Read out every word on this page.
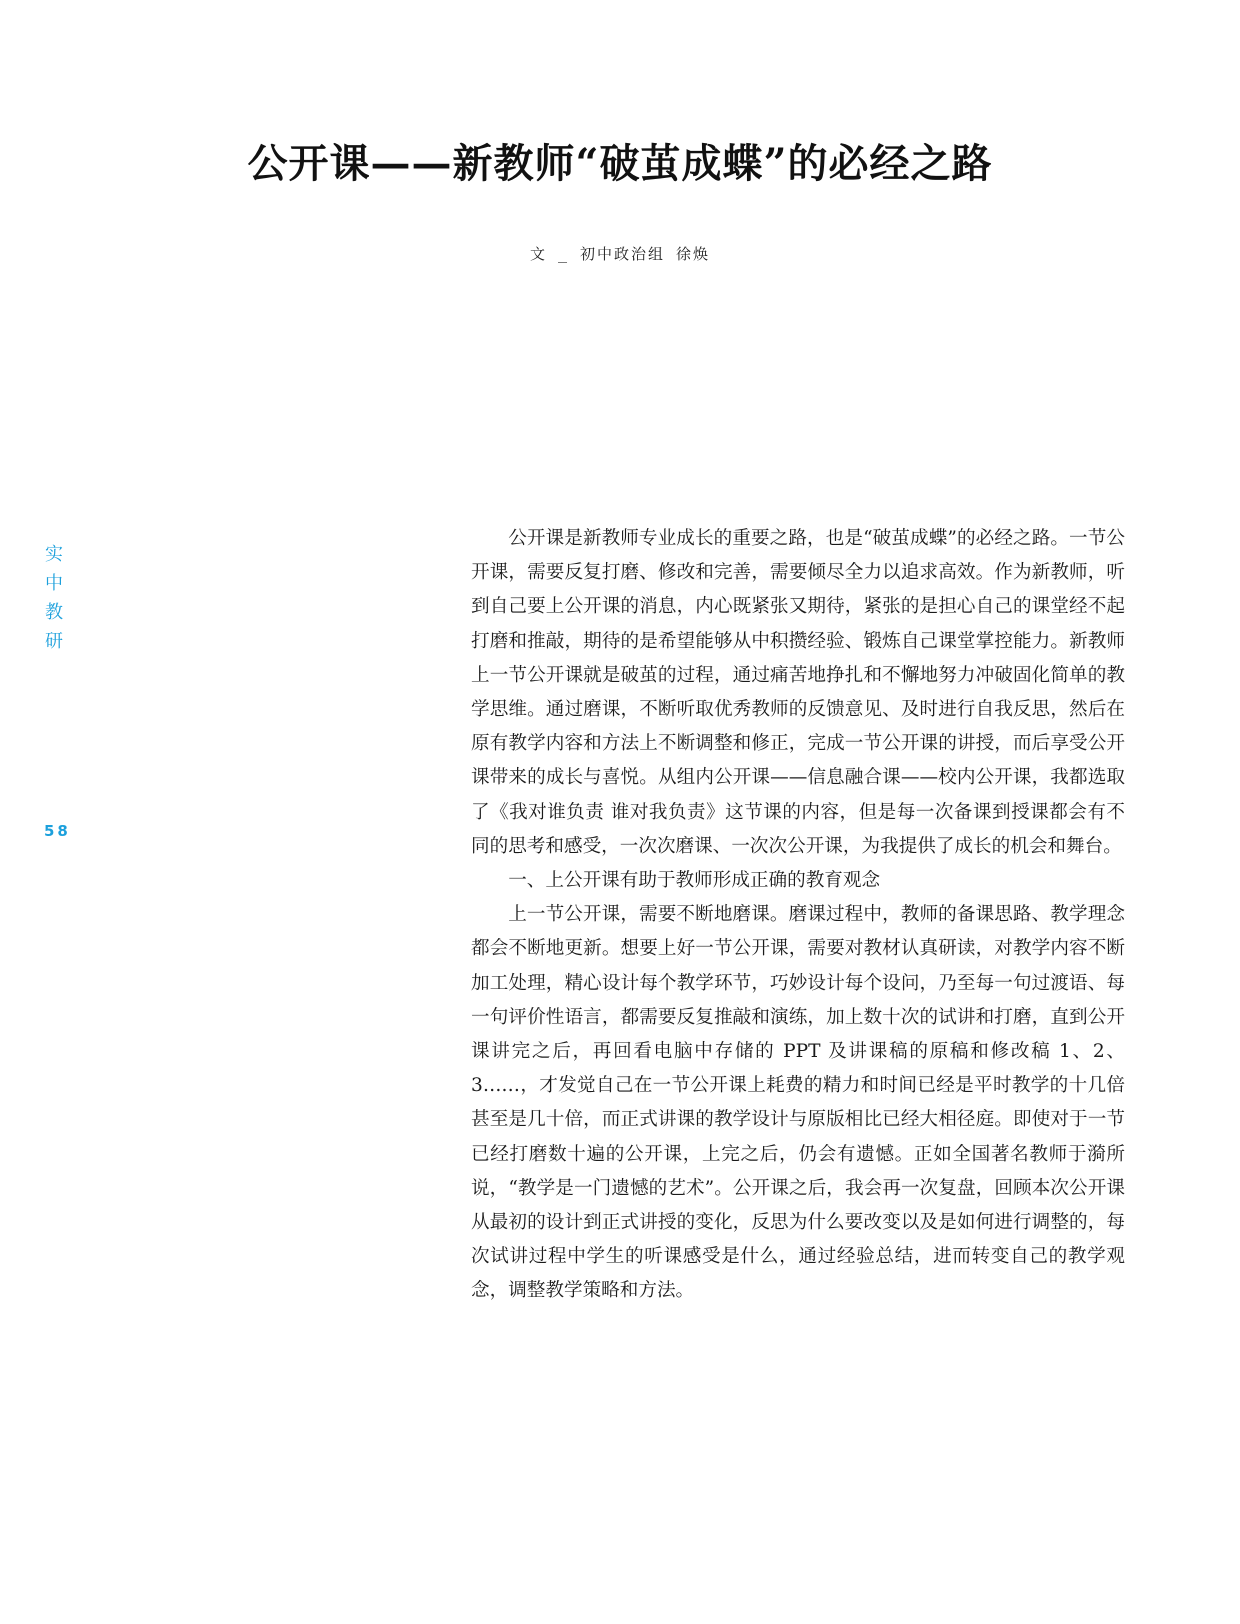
公开课——新教师“破茧成蝶”的必经之路
文 _ 初中政治组 徐焕
实
中
教
研
58

公开课是新教师专业成长的重要之路，也是“破茧成蝶”的必经之路。一节公开课，需要反复打磨、修改和完善，需要倾尽全力以追求高效。作为新教师，听到自己要上公开课的消息，内心既紧张又期待，紧张的是担心自己的课堂经不起打磨和推敲，期待的是希望能够从中积攒经验、锻炼自己课堂掌控能力。新教师上一节公开课就是破茧的过程，通过痛苦地挣扎和不懈地努力冲破固化简单的教学思维。通过磨课，不断听取优秀教师的反馈意见、及时进行自我反思，然后在原有教学内容和方法上不断调整和修正，完成一节公开课的讲授，而后享受公开课带来的成长与喜悦。从组内公开课——信息融合课——校内公开课，我都选取了《我对谁负责 谁对我负责》这节课的内容，但是每一次备课到授课都会有不同的思考和感受，一次次磨课、一次次公开课，为我提供了成长的机会和舞台。

一、上公开课有助于教师形成正确的教育观念

上一节公开课，需要不断地磨课。磨课过程中，教师的备课思路、教学理念都会不断地更新。想要上好一节公开课，需要对教材认真研读，对教学内容不断加工处理，精心设计每个教学环节，巧妙设计每个设问，乃至每一句过渡语、每一句评价性语言，都需要反复推敲和演练，加上数十次的试讲和打磨，直到公开课讲完之后，再回看电脑中存储的 PPT 及讲课稿的原稿和修改稿 1、2、3……，才发觉自己在一节公开课上耗费的精力和时间已经是平时教学的十几倍甚至是几十倍，而正式讲课的教学设计与原版相比已经大相径庭。即使对于一节已经打磨数十遍的公开课，上完之后，仍会有遗憾。正如全国著名教师于漪所说，“教学是一门遗憾的艺术”。公开课之后，我会再一次复盘，回顾本次公开课从最初的设计到正式讲授的变化，反思为什么要改变以及是如何进行调整的，每次试讲过程中学生的听课感受是什么，通过经验总结，进而转变自己的教学观念，调整教学策略和方法。
